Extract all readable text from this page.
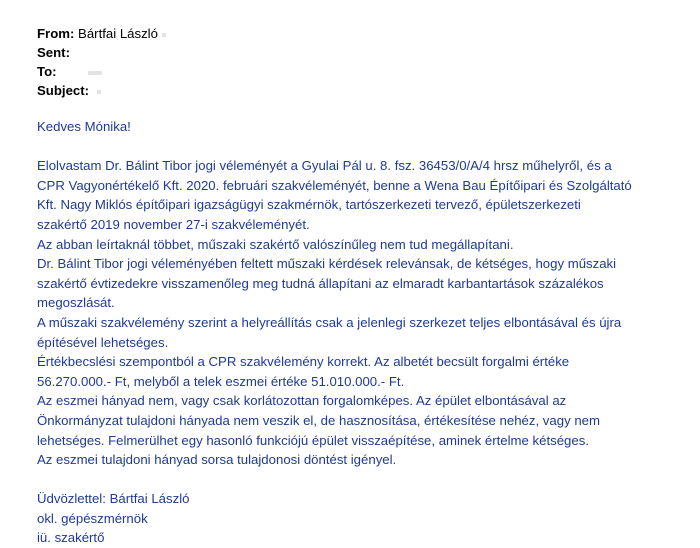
From: Bártfai László
Sent:
To:
Subject:

Kedves Mónika!

Elolvastam Dr. Bálint Tibor jogi véleményét a Gyulai Pál u. 8. fsz. 36453/0/A/4 hrsz műhelyről, és a

CPR Vagyonértékelő Kft. 2020. februári szakvéleményét, benne a Wena Bau Építőipari és Szolgáltató

Kft. Nagy Miklós építőipari igazságügyi szakmérnök, tartószerkezeti tervező, épületszerkezeti

szakértő 2019 november 27-i szakvéleményét.

Az abban leírtaknál többet, műszaki szakértő valószínűleg nem tud megállapítani.

Dr. Bálint Tibor jogi véleményében feltett műszaki kérdések relevánsak, de kétséges, hogy műszaki

szakértő évtizedekre visszamenőleg meg tudná állapítani az elmaradt karbantartások százalékos

megoszlását.

A műszaki szakvélemény szerint a helyreállítás csak a jelenlegi szerkezet teljes elbontásával és újra

építésével lehetséges.

Értékbecslési szempontból a CPR szakvélemény korrekt. Az albetét becsült forgalmi értéke

56.270.000.- Ft, melyből a telek eszmei értéke 51.010.000.- Ft.

Az eszmei hányad nem, vagy csak korlátozottan forgalomképes. Az épület elbontásával az

Önkormányzat tulajdoni hányada nem veszik el, de hasznosítása, értékesítése nehéz, vagy nem

lehetséges. Felmerülhet egy hasonló funkciójú épület visszaépítése, aminek értelme kétséges.

Az eszmei tulajdoni hányad sorsa tulajdonosi döntést igényel.

Üdvözlettel: Bártfai László

okl. gépészmérnök

iü. szakértő
